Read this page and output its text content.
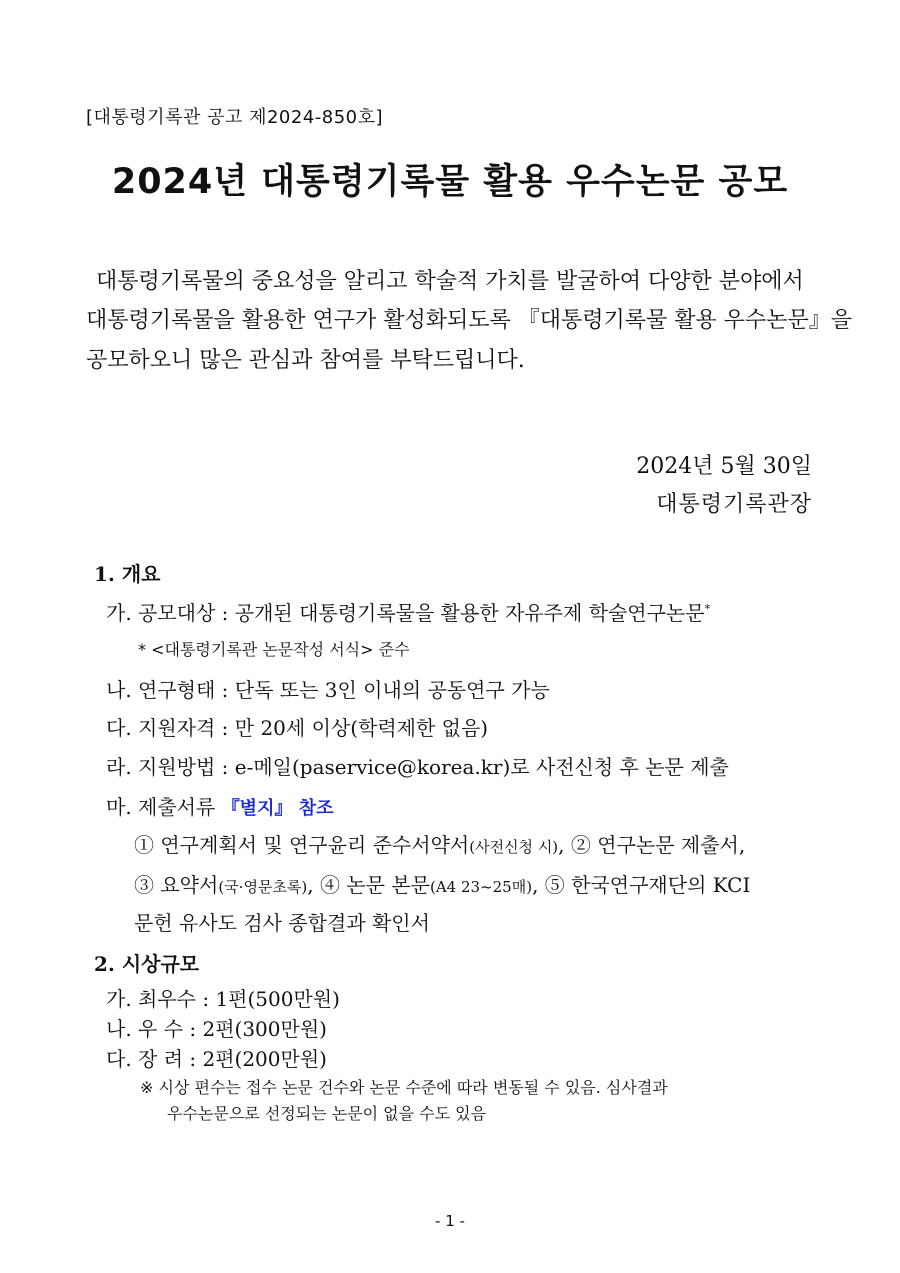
[대통령기록관 공고 제2024-850호]
2024년 대통령기록물 활용 우수논문 공모
대통령기록물의 중요성을 알리고 학술적 가치를 발굴하여 다양한 분야에서
대통령기록물을 활용한 연구가 활성화되도록 『대통령기록물 활용 우수논문』을
공모하오니 많은 관심과 참여를 부탁드립니다.
2024년 5월 30일
대통령기록관장
1. 개요
가. 공모대상 : 공개된 대통령기록물을 활용한 자유주제 학술연구논문*
* <대통령기록관 논문작성 서식> 준수
나. 연구형태 : 단독 또는 3인 이내의 공동연구 가능
다. 지원자격 : 만 20세 이상(학력제한 없음)
라. 지원방법 : e-메일(paservice@korea.kr)로 사전신청 후 논문 제출
마. 제출서류 『별지』 참조
① 연구계획서 및 연구윤리 준수서약서(사전신청 시), ② 연구논문 제출서,
③ 요약서(국·영문초록), ④ 논문 본문(A4 23~25매), ⑤ 한국연구재단의 KCI
문헌 유사도 검사 종합결과 확인서
2. 시상규모
가. 최우수 : 1편(500만원)
나. 우 수 : 2편(300만원)
다. 장 려 : 2편(200만원)
※ 시상 편수는 접수 논문 건수와 논문 수준에 따라 변동될 수 있음. 심사결과
우수논문으로 선정되는 논문이 없을 수도 있음
- 1 -
